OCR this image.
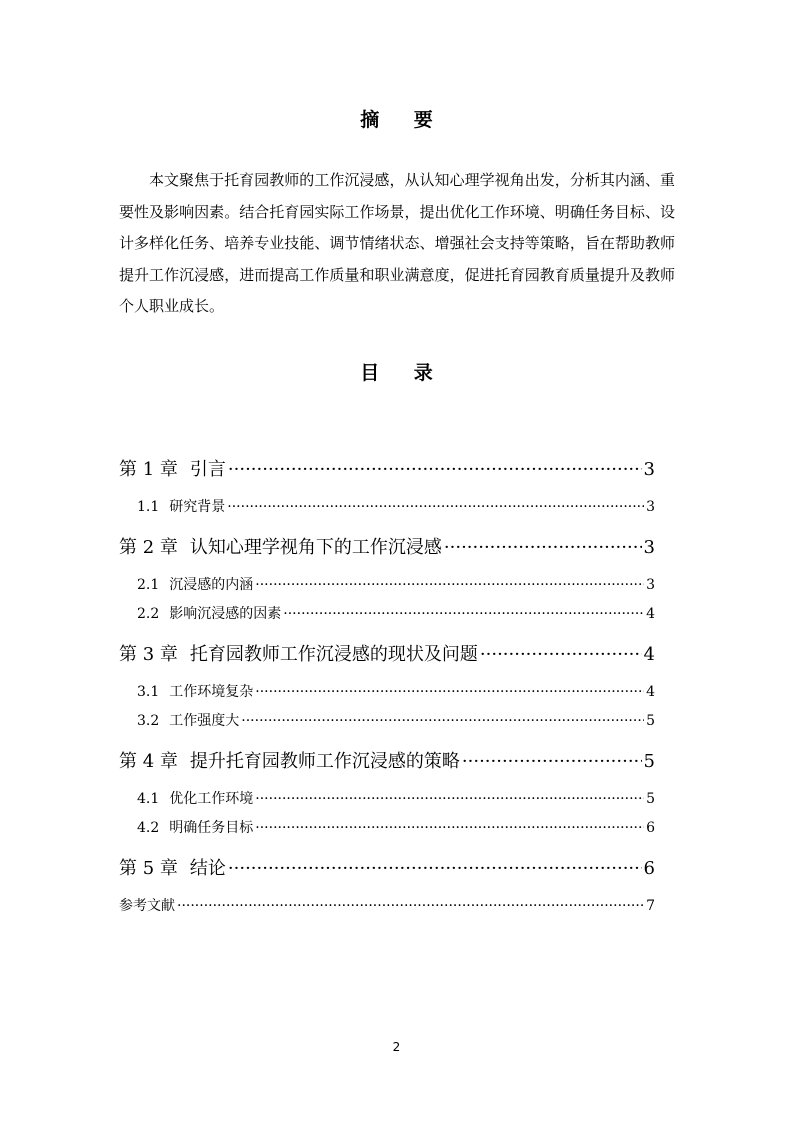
摘 要
本文聚焦于托育园教师的工作沉浸感，从认知心理学视角出发，分析其内涵、重要性及影响因素。结合托育园实际工作场景，提出优化工作环境、明确任务目标、设计多样化任务、培养专业技能、调节情绪状态、增强社会支持等策略，旨在帮助教师提升工作沉浸感，进而提高工作质量和职业满意度，促进托育园教育质量提升及教师个人职业成长。
目 录
第 1 章 引言 ·····	3
1.1 研究背景 ·····	3
第 2 章 认知心理学视角下的工作沉浸感 ·····	3
2.1 沉浸感的内涵 ·····	3
2.2 影响沉浸感的因素 ·····	4
第 3 章 托育园教师工作沉浸感的现状及问题 ·····	4
3.1 工作环境复杂 ·····	4
3.2 工作强度大 ·····	5
第 4 章 提升托育园教师工作沉浸感的策略 ·····	5
4.1 优化工作环境 ·····	5
4.2 明确任务目标 ·····	6
第 5 章 结论 ·····	6
参考文献 ·····	7
2
